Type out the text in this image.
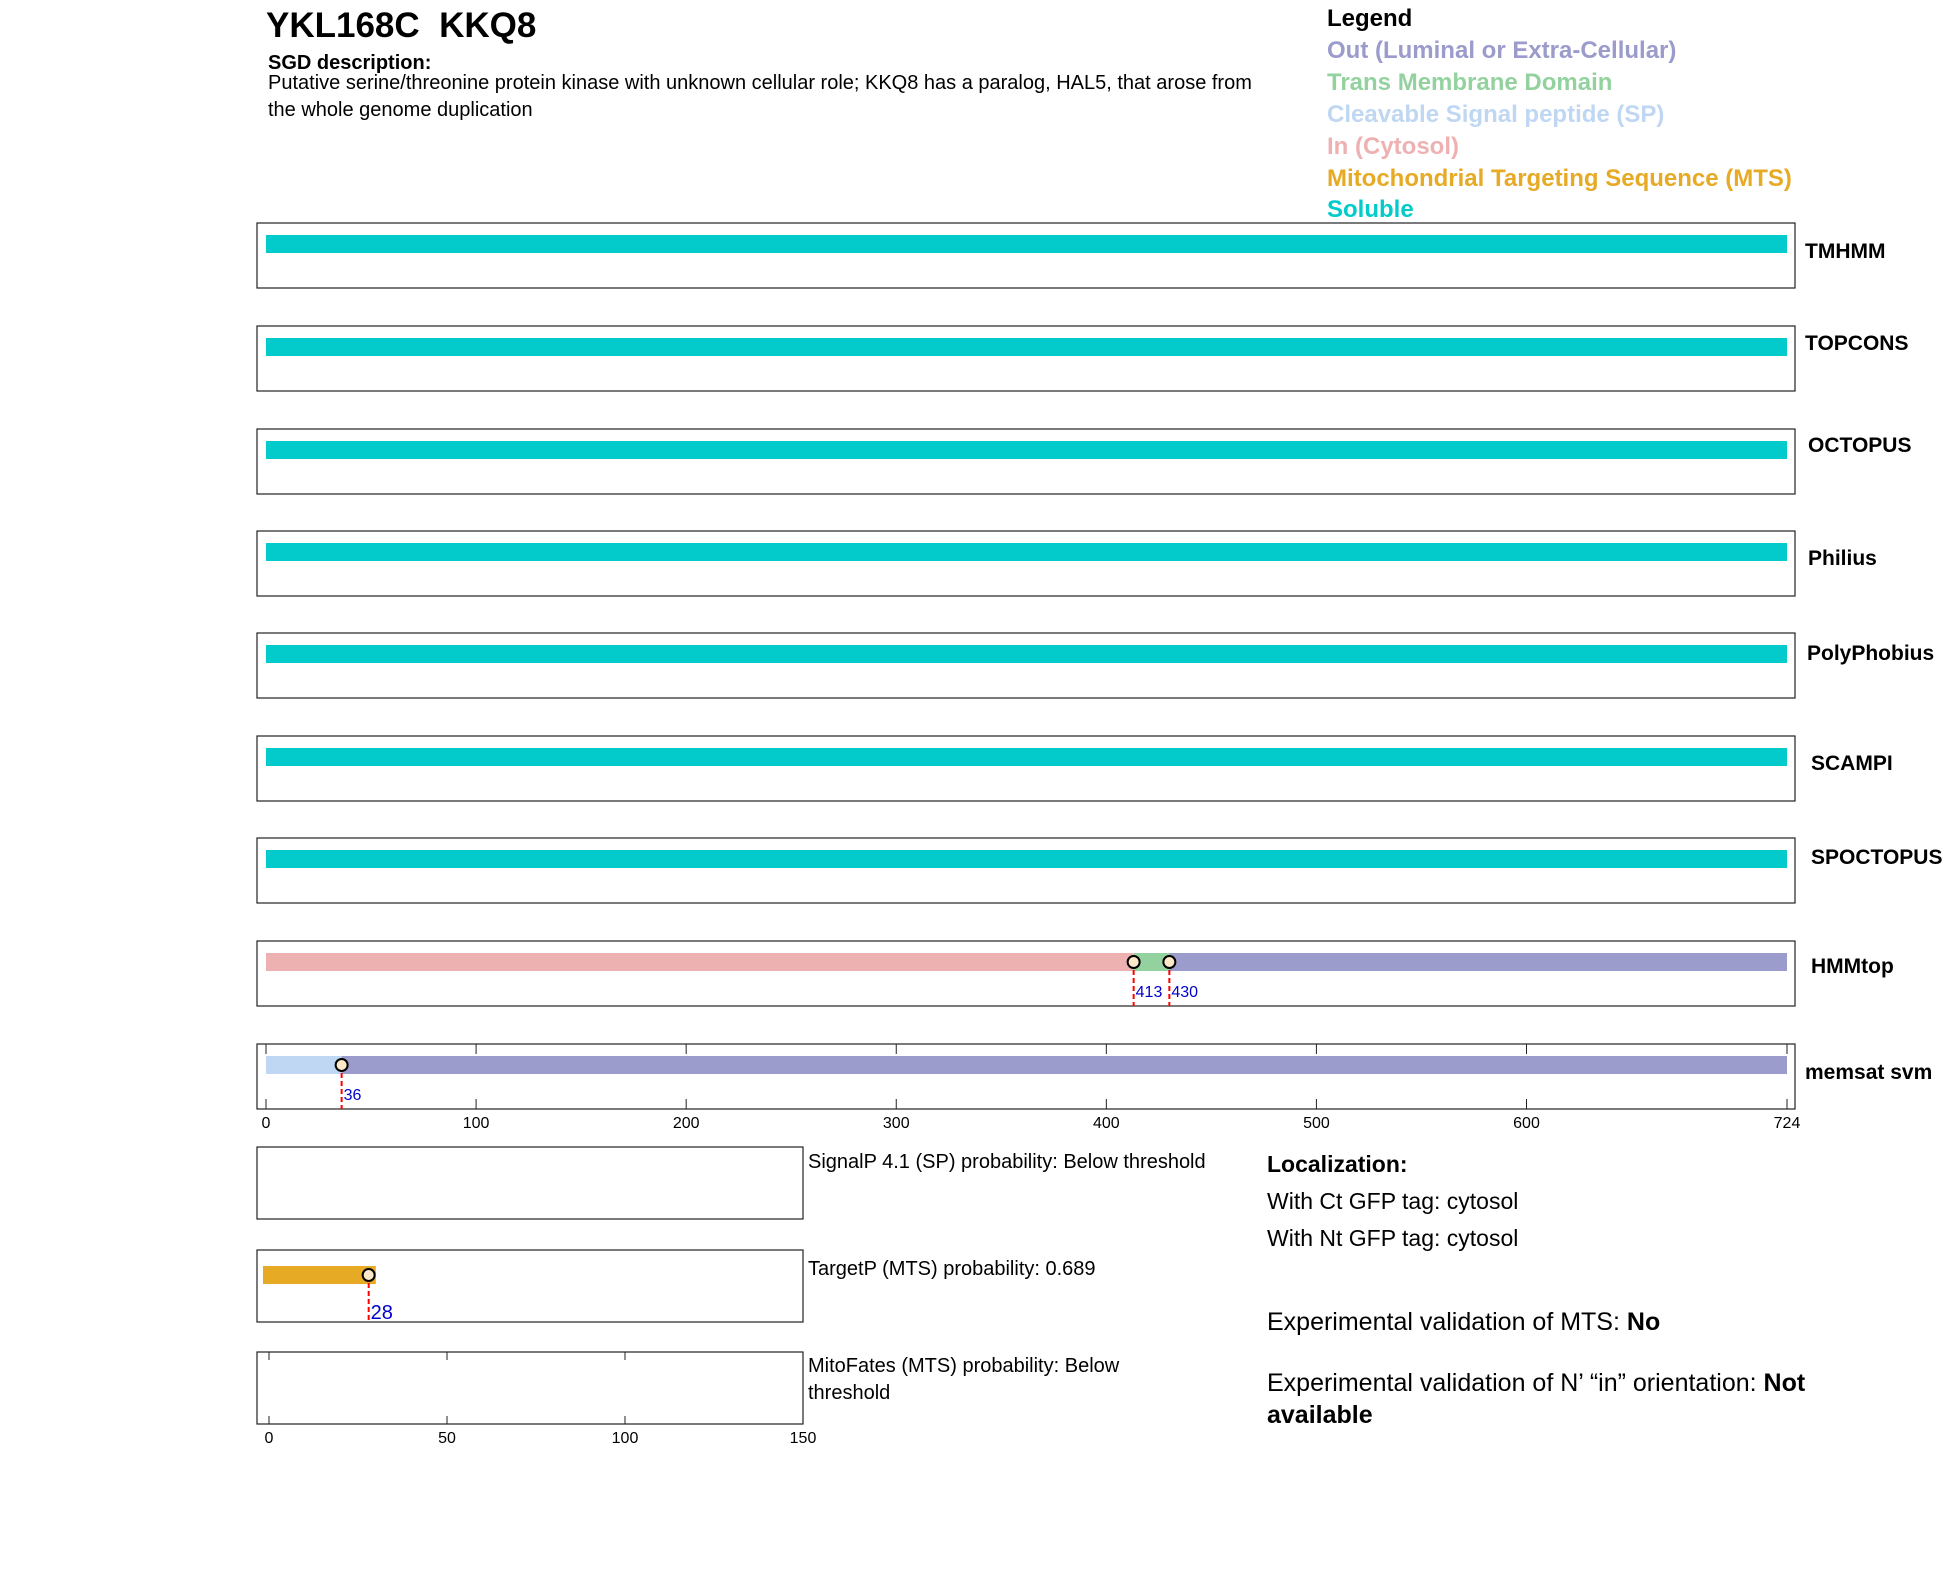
YKL168C  KKQ8
SGD description:
Putative serine/threonine protein kinase with unknown cellular role; KKQ8 has a paralog, HAL5, that arose from the whole genome duplication
Legend
Out (Luminal or Extra-Cellular)
Trans Membrane Domain
Cleavable Signal peptide (SP)
In (Cytosol)
Mitochondrial Targeting Sequence (MTS)
Soluble
TMHMM
TOPCONS
OCTOPUS
Philius
PolyPhobius
SCAMPI
SPOCTOPUS
413 430
HMMtop
36
memsat svm
0	100	200	300	400	500	600	724
28
0	50	100	150
SignalP 4.1 (SP) probability: Below threshold
TargetP (MTS) probability: 0.689
MitoFates (MTS) probability: Below threshold
Localization:
With Ct GFP tag: cytosol
With Nt GFP tag: cytosol
Experimental validation of MTS: No
Experimental validation of N’ “in” orientation: Not available
